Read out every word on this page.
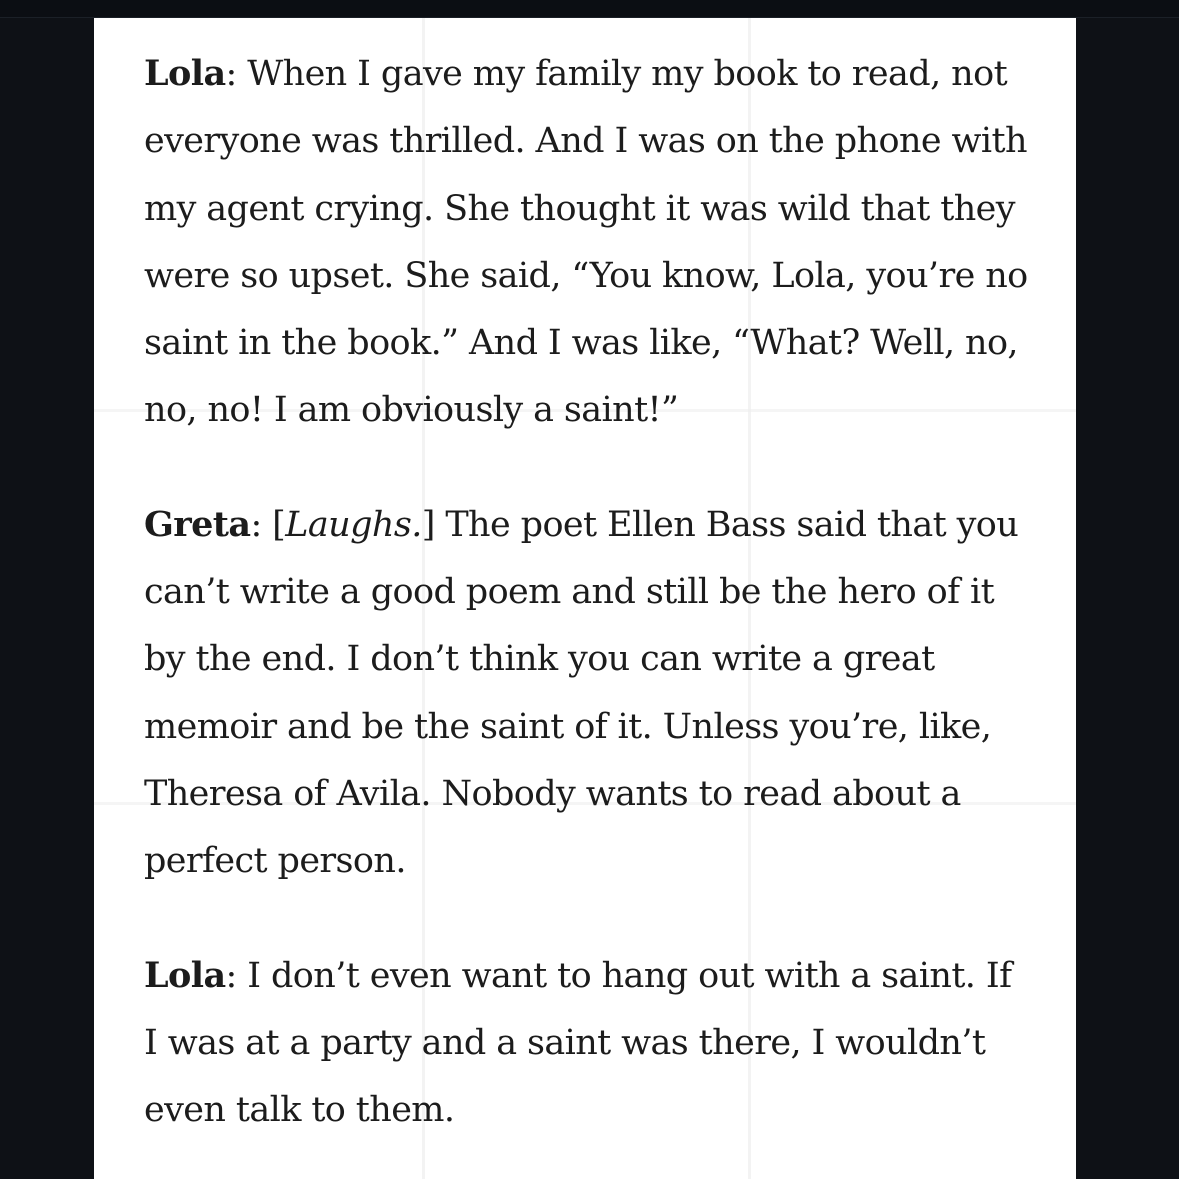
Lola: When I gave my family my book to read, not everyone was thrilled. And I was on the phone with my agent crying. She thought it was wild that they were so upset. She said, “You know, Lola, you’re no saint in the book.” And I was like, “What? Well, no, no, no! I am obviously a saint!”

Greta: [Laughs.] The poet Ellen Bass said that you can’t write a good poem and still be the hero of it by the end. I don’t think you can write a great memoir and be the saint of it. Unless you’re, like, Theresa of Avila. Nobody wants to read about a perfect person.

Lola: I don’t even want to hang out with a saint. If I was at a party and a saint was there, I wouldn’t even talk to them.
